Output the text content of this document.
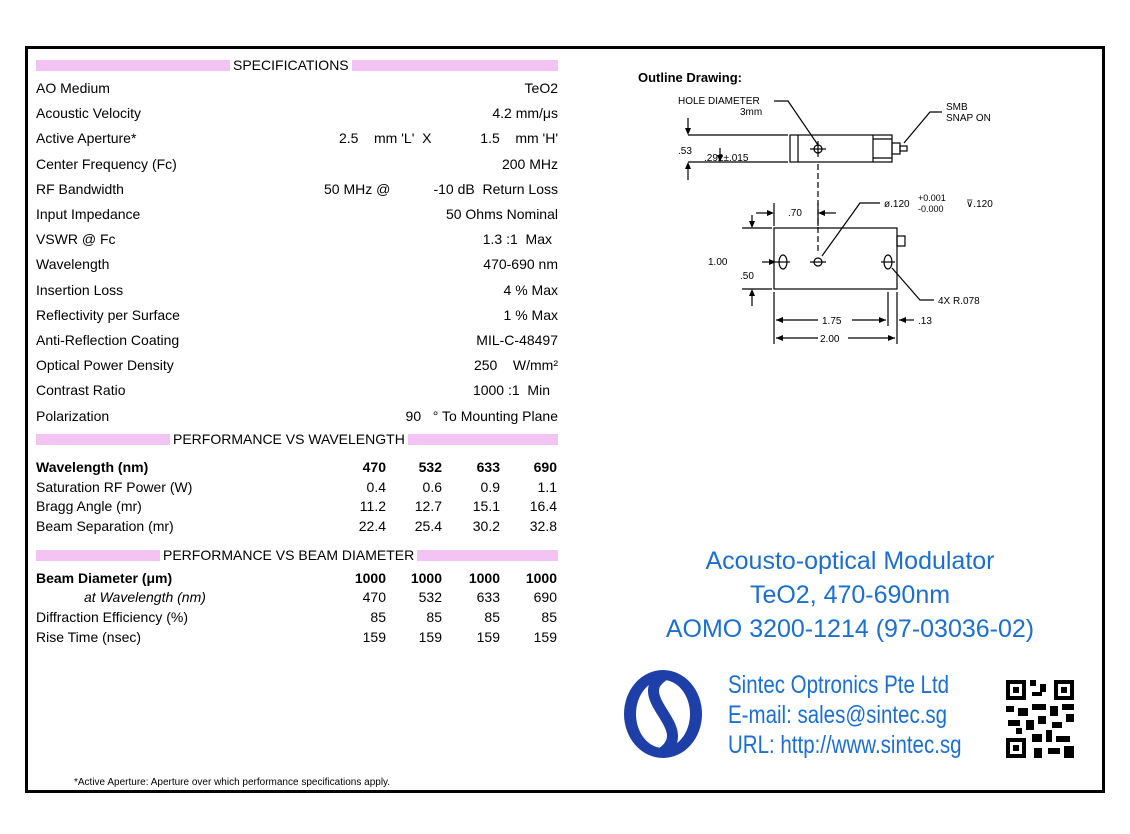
SPECIFICATIONS
AO Medium	TeO2
Acoustic Velocity	4.2 mm/μs
Active Aperture*	2.5    mm 'L'  X	1.5    mm 'H'
Center Frequency (Fc)	200 MHz
RF Bandwidth	50 MHz @	-10 dB  Return Loss
Input Impedance	50 Ohms Nominal
VSWR @ Fc	1.3 :1  Max
Wavelength	470-690 nm
Insertion Loss	4 % Max
Reflectivity per Surface	1 % Max
Anti-Reflection Coating	MIL-C-48497
Optical Power Density	250    W/mm²
Contrast Ratio	1000 :1  Min
Polarization	90   ° To Mounting Plane
PERFORMANCE VS WAVELENGTH
Wavelength (nm)	470	532	633	690
Saturation RF Power (W)	0.4	0.6	0.9	1.1
Bragg Angle (mr)	11.2	12.7	15.1	16.4
Beam Separation (mr)	22.4	25.4	30.2	32.8
PERFORMANCE VS BEAM DIAMETER
Beam Diameter (μm)	1000	1000	1000	1000
at Wavelength (nm)	470	532	633	690
Diffraction Efficiency (%)	85	85	85	85
Rise Time (nsec)	159	159	159	159
*Active Aperture: Aperture over which performance specifications apply.
Outline Drawing:
HOLE DIAMETER
3mm	SMB
SNAP ON
.53
.292±.015
.70
ø.120
+0.001
-0.000 ⊽.120
1.00
.50
4X R.078
1.75	.13
2.00
Acousto-optical Modulator
TeO2, 470-690nm
AOMO 3200-1214 (97-03036-02)
Sintec Optronics Pte Ltd
E-mail: sales@sintec.sg
URL: http://www.sintec.sg
